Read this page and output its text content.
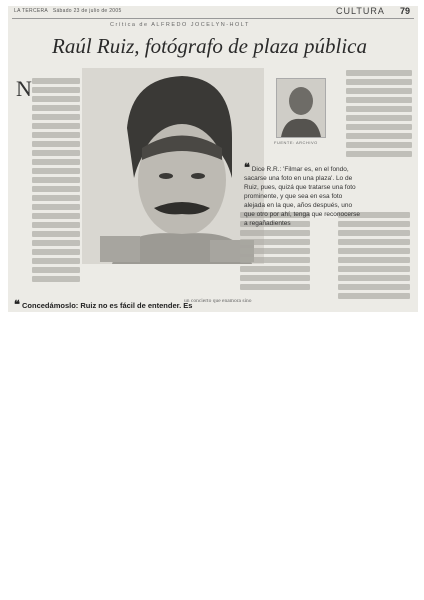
LA TERCERA Sábado 23 de julio de 2005	CULTURA 79
Crítica de ALFREDO JOCELYN-HOLT
Raúl Ruiz, fotógrafo de plaza pública
N
FUENTE: ARCHIVO
❝ Dice R.R.: 'Filmar es, en el fondo, sacarse una foto en una plaza'. Lo de Ruiz, pues, quizá que tratarse una foto prominente, y que sea en esa foto alejada en la que, años después, uno que otro por ahí, tenga que reconocerse a regañadientes
❝ Concedámoslo: Ruiz no es fácil de entender. Es
un concierto que enamora sino
